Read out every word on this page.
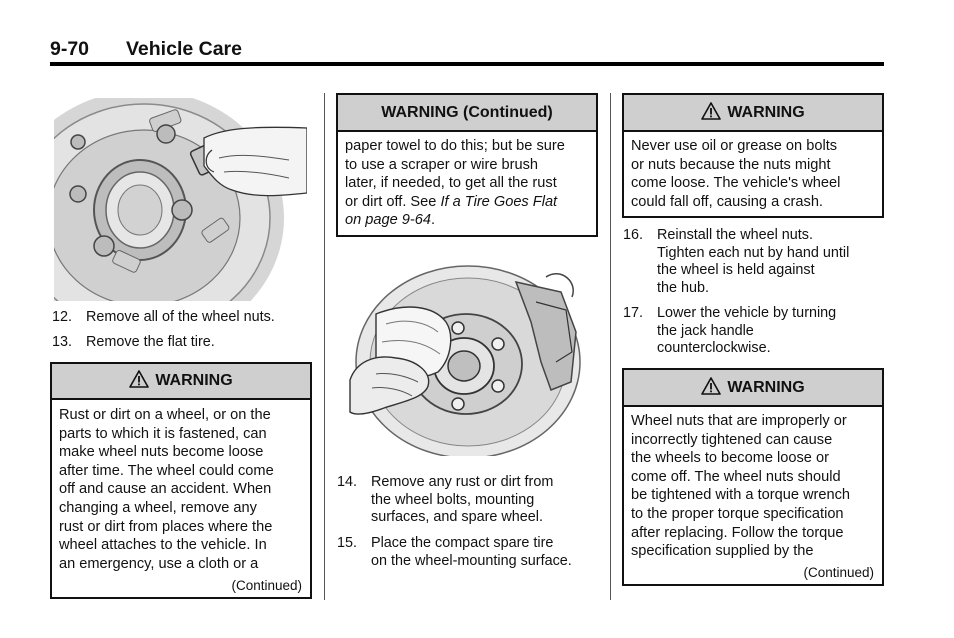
9-70 Vehicle Care
12. Remove all of the wheel nuts.
13. Remove the flat tire.
WARNING
Rust or dirt on a wheel, or on the
parts to which it is fastened, can
make wheel nuts become loose
after time. The wheel could come
off and cause an accident. When
changing a wheel, remove any
rust or dirt from places where the
wheel attaches to the vehicle. In
an emergency, use a cloth or a
(Continued)
WARNING (Continued)
paper towel to do this; but be sure
to use a scraper or wire brush
later, if needed, to get all the rust
or dirt off. See If a Tire Goes Flat
on page 9-64.
14. Remove any rust or dirt from
the wheel bolts, mounting
surfaces, and spare wheel.
15. Place the compact spare tire
on the wheel-mounting surface.
WARNING
Never use oil or grease on bolts
or nuts because the nuts might
come loose. The vehicle's wheel
could fall off, causing a crash.
16. Reinstall the wheel nuts.
Tighten each nut by hand until
the wheel is held against
the hub.
17. Lower the vehicle by turning
the jack handle
counterclockwise.
WARNING
Wheel nuts that are improperly or
incorrectly tightened can cause
the wheels to become loose or
come off. The wheel nuts should
be tightened with a torque wrench
to the proper torque specification
after replacing. Follow the torque
specification supplied by the
(Continued)
